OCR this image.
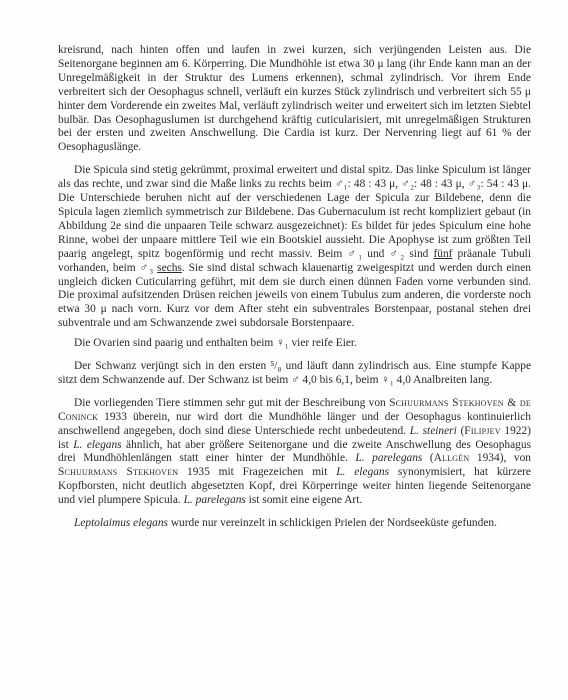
kreisrund, nach hinten offen und laufen in zwei kurzen, sich verjüngenden Leisten aus. Die Seitenorgane beginnen am 6. Körperring. Die Mundhöhle ist etwa 30 μ lang (ihr Ende kann man an der Unregelmäßigkeit in der Struktur des Lumens erkennen), schmal zylindrisch. Vor ihrem Ende verbreitert sich der Oesophagus schnell, verläuft ein kurzes Stück zylindrisch und verbreitert sich 55 μ hinter dem Vorderende ein zweites Mal, verläuft zylindrisch weiter und erweitert sich im letzten Siebtel bulbär. Das Oesophaguslumen ist durchgehend kräftig cuticularisiert, mit unregelmäßigen Strukturen bei der ersten und zweiten Anschwellung. Die Cardia ist kurz. Der Nervenring liegt auf 61 % der Oesophaguslänge.

Die Spicula sind stetig gekrümmt, proximal erweitert und distal spitz. Das linke Spiculum ist länger als das rechte, und zwar sind die Maße links zu rechts beim ♂₁: 48 : 43 μ, ♂₂: 48 : 43 μ, ♂₃: 54 : 43 μ. Die Unterschiede beruhen nicht auf der verschiedenen Lage der Spicula zur Bildebene, denn die Spicula lagen ziemlich symmetrisch zur Bildebene. Das Gubernaculum ist recht kompliziert gebaut (in Abbildung 2e sind die unpaaren Teile schwarz ausgezeichnet): Es bildet für jedes Spiculum eine hohe Rinne, wobei der unpaare mittlere Teil wie ein Bootskiel aussieht. Die Apophyse ist zum größten Teil paarig angelegt, spitz bogenförmig und recht massiv. Beim ♂₁ und ♂₂ sind fünf präanale Tubuli vorhanden, beim ♂₃ sechs. Sie sind distal schwach klauenartig zweigespitzt und werden durch einen ungleich dicken Cuticularring geführt, mit dem sie durch einen dünnen Faden vorne verbunden sind. Die proximal aufsitzenden Drüsen reichen jeweils von einem Tubulus zum anderen, die vorderste noch etwa 30 μ nach vorn. Kurz vor dem After steht ein subventrales Borstenpaar, postanal stehen drei subventrale und am Schwanzende zwei subdorsale Borstenpaare.

Die Ovarien sind paarig und enthalten beim ♀₁ vier reife Eier.

Der Schwanz verjüngt sich in den ersten ⁵/₈ und läuft dann zylindrisch aus. Eine stumpfe Kappe sitzt dem Schwanzende auf. Der Schwanz ist beim ♂ 4,0 bis 6,1, beim ♀₁ 4,0 Analbreiten lang.

Die vorliegenden Tiere stimmen sehr gut mit der Beschreibung von Schuurmans Stekhoven & de Coninck 1933 überein, nur wird dort die Mundhöhle länger und der Oesophagus kontinuierlich anschwellend angegeben, doch sind diese Unterschiede recht unbedeutend. L. steineri (Filipjev 1922) ist L. elegans ähnlich, hat aber größere Seitenorgane und die zweite Anschwellung des Oesophagus drei Mundhöhlenlängen statt einer hinter der Mundhöhle. L. parelegans (Allgén 1934), von Schuurmans Stekhoven 1935 mit Fragezeichen mit L. elegans synonymisiert, hat kürzere Kopfborsten, nicht deutlich abgesetzten Kopf, drei Körperringe weiter hinten liegende Seitenorgane und viel plumpere Spicula. L. parelegans ist somit eine eigene Art.

Leptolaimus elegans wurde nur vereinzelt in schlickigen Prielen der Nordseeküste gefunden.
